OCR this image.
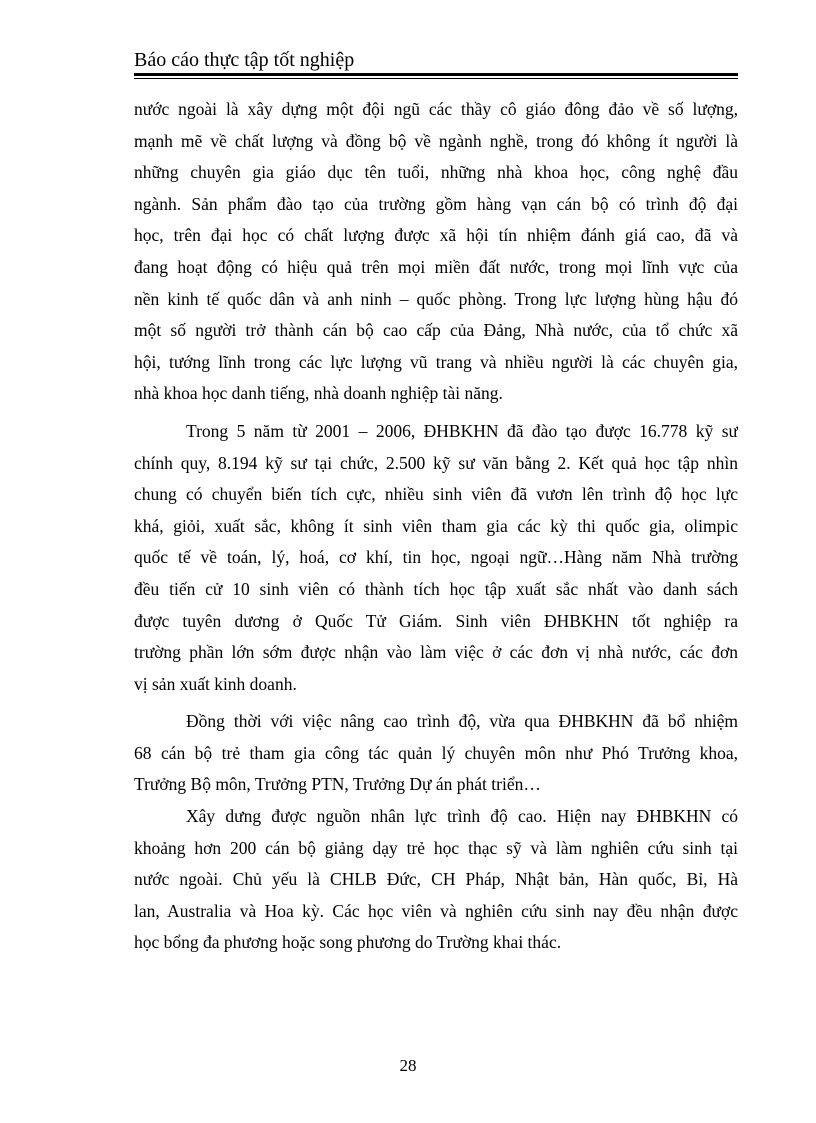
Báo cáo thực tập tốt nghiệp

nước ngoài là xây dựng một đội ngũ các thầy cô giáo đông đảo về số lượng,
mạnh mẽ về chất lượng và đồng bộ về ngành nghề, trong đó không ít người là
những chuyên gia giáo dục tên tuổi, những nhà khoa học, công nghệ đầu
ngành. Sản phẩm đào tạo của trường gồm hàng vạn cán bộ có trình độ đại
học, trên đại học có chất lượng được xã hội tín nhiệm đánh giá cao, đã và
đang hoạt động có hiệu quả trên mọi miền đất nước, trong mọi lĩnh vực của
nền kinh tế quốc dân và anh ninh – quốc phòng. Trong lực lượng hùng hậu đó
một số người trở thành cán bộ cao cấp của Đảng, Nhà nước, của tổ chức xã
hội, tướng lĩnh trong các lực lượng vũ trang và nhiều người là các chuyên gia,
nhà khoa học danh tiếng, nhà doanh nghiệp tài năng.

Trong 5 năm từ 2001 – 2006, ĐHBKHN đã đào tạo được 16.778 kỹ sư
chính quy, 8.194 kỹ sư tại chức, 2.500 kỹ sư văn bằng 2. Kết quả học tập nhìn
chung có chuyển biến tích cực, nhiều sinh viên đã vươn lên trình độ học lực
khá, giỏi, xuất sắc, không ít sinh viên tham gia các kỳ thi quốc gia, olimpic
quốc tế về toán, lý, hoá, cơ khí, tin học, ngoại ngữ…Hàng năm Nhà trường
đều tiến cử 10 sinh viên có thành tích học tập xuất sắc nhất vào danh sách
được tuyên dương ở Quốc Tử Giám. Sinh viên ĐHBKHN tốt nghiệp ra
trường phần lớn sớm được nhận vào làm việc ở các đơn vị nhà nước, các đơn
vị sản xuất kinh doanh.

Đồng thời với việc nâng cao trình độ, vừa qua ĐHBKHN đã bổ nhiệm
68 cán bộ trẻ tham gia công tác quản lý chuyên môn như Phó Trưởng khoa,
Trưởng Bộ môn, Trưởng PTN, Trưởng Dự án phát triển…

Xây dưng được nguồn nhân lực trình độ cao. Hiện nay ĐHBKHN có
khoảng hơn 200 cán bộ giảng dạy trẻ học thạc sỹ và làm nghiên cứu sinh tại
nước ngoài. Chủ yếu là CHLB Đức, CH Pháp, Nhật bản, Hàn quốc, Bỉ, Hà
lan, Australia và Hoa kỳ. Các học viên và nghiên cứu sinh nay đều nhận được
học bổng đa phương hoặc song phương do Trường khai thác.

28
